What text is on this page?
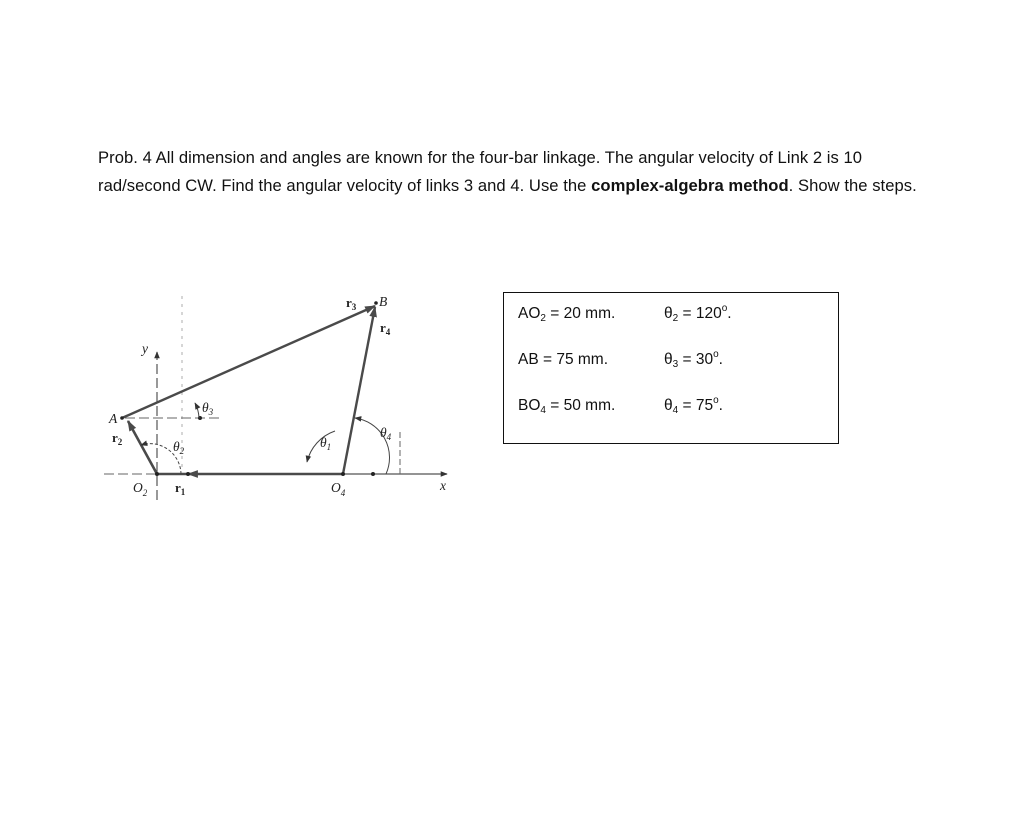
Prob. 4 All dimension and angles are known for the four-bar linkage. The angular velocity of Link 2 is 10 rad/second CW. Find the angular velocity of links 3 and 4. Use the complex-algebra method. Show the steps.
A
B
y
x
$O_2$	$O_4$
$r_1$
$r_2$
$r_3$
$r_4$
$\theta_2$
$\theta_3$
$\theta_1$
$\theta_4$
$AO_2 = 20$ mm.	$\theta_2 = 120^o$.
AB = 75 mm.	$\theta_3 = 30^o$.
$BO_4 = 50$ mm.	$\theta_4 = 75^o$.
